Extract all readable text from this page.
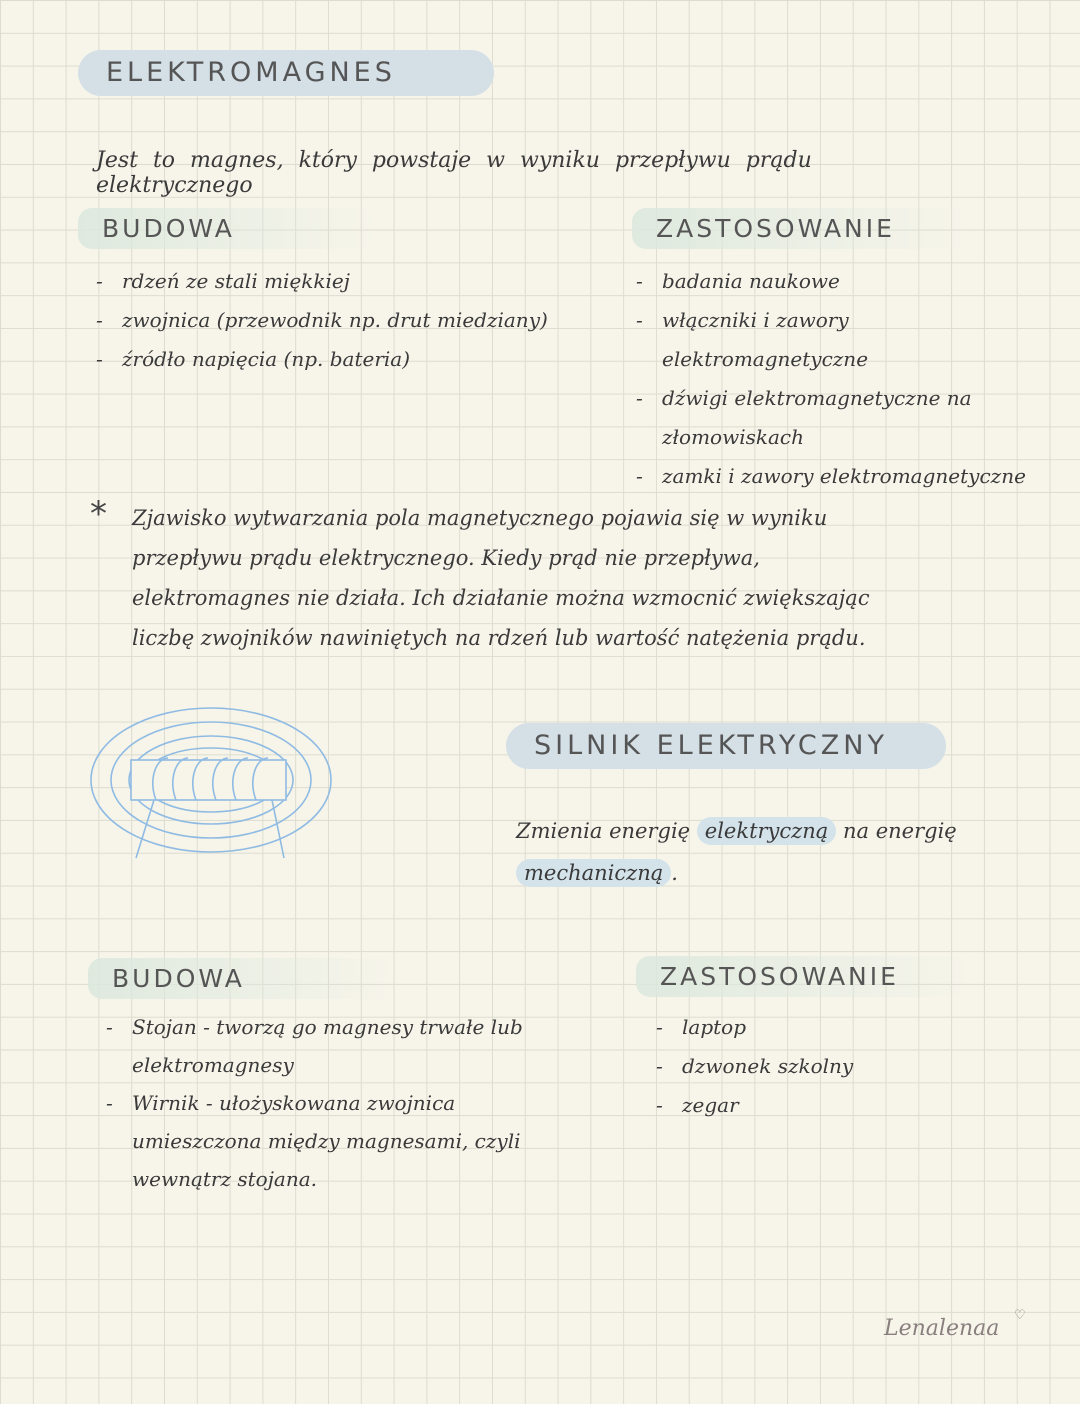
ELEKTROMAGNES

Jest to magnes, który powstaje w wyniku przepływu prądu elektrycznego

BUDOWA
- rdzeń ze stali miękkiej
- zwojnica (przewodnik np. drut miedziany)
- źródło napięcia (np. bateria)
ZASTOSOWANIE
- badania naukowe
- włączniki i zawory elektromagnetyczne
- dźwigi elektromagnetyczne na złomowiskach
- zamki i zawory elektromagnetyczne
* Zjawisko wytwarzania pola magnetycznego pojawia się w wyniku przepływu prądu elektrycznego. Kiedy prąd nie przepływa, elektromagnes nie działa. Ich działanie można wzmocnić zwiększając liczbę zwojników nawiniętych na rdzeń lub wartość natężenia prądu.

SILNIK ELEKTRYCZNY

Zmienia energię elektryczną na energię mechaniczną .

BUDOWA
- Stojan - tworzą go magnesy trwałe lub elektromagnesy
- Wirnik - ułożyskowana zwojnica umieszczona między magnesami, czyli wewnątrz stojana.
ZASTOSOWANIE
- laptop
- dzwonek szkolny
- zegar
Lenalenaa
♡
